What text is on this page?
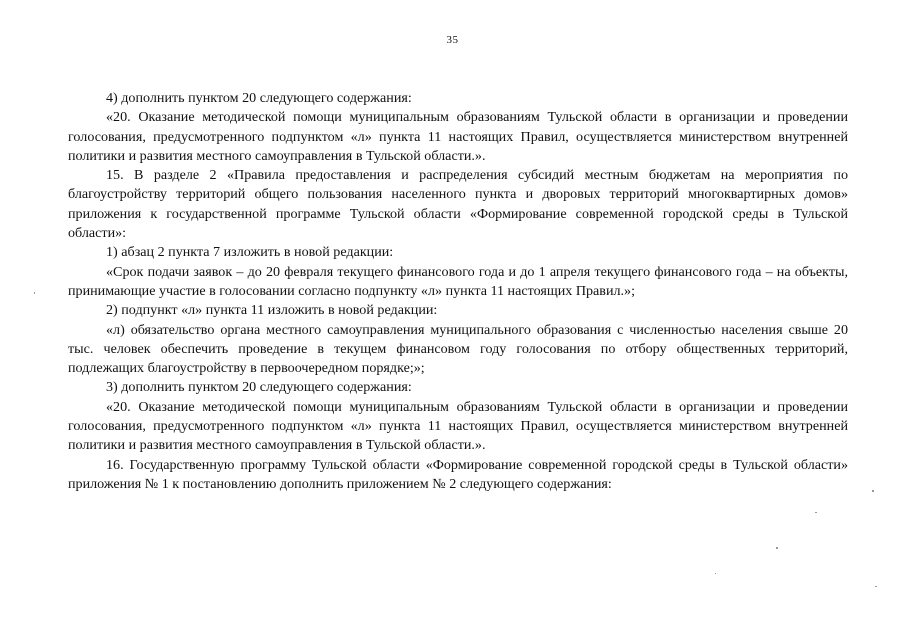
35

4) дополнить пунктом 20 следующего содержания:

«20. Оказание методической помощи муниципальным образованиям Тульской области в организации и проведении голосования, предусмотренного подпунктом «л» пункта 11 настоящих Правил, осуществляется министерством внутренней политики и развития местного самоуправления в Тульской области.».

15. В разделе 2 «Правила предоставления и распределения субсидий местным бюджетам на мероприятия по благоустройству территорий общего пользования населенного пункта и дворовых территорий многоквартирных домов» приложения к государственной программе Тульской области «Формирование современной городской среды в Тульской области»:

1) абзац 2 пункта 7 изложить в новой редакции:

«Срок подачи заявок – до 20 февраля текущего финансового года и до 1 апреля текущего финансового года – на объекты, принимающие участие в голосовании согласно подпункту «л» пункта 11 настоящих Правил.»;

2) подпункт «л» пункта 11 изложить в новой редакции:

«л) обязательство органа местного самоуправления муниципального образования с численностью населения свыше 20 тыс. человек обеспечить проведение в текущем финансовом году голосования по отбору общественных территорий, подлежащих благоустройству в первоочередном порядке;»;

3) дополнить пунктом 20 следующего содержания:

«20. Оказание методической помощи муниципальным образованиям Тульской области в организации и проведении голосования, предусмотренного подпунктом «л» пункта 11 настоящих Правил, осуществляется министерством внутренней политики и развития местного самоуправления в Тульской области.».

16. Государственную программу Тульской области «Формирование современной городской среды в Тульской области» приложения № 1 к постановлению дополнить приложением № 2 следующего содержания:
